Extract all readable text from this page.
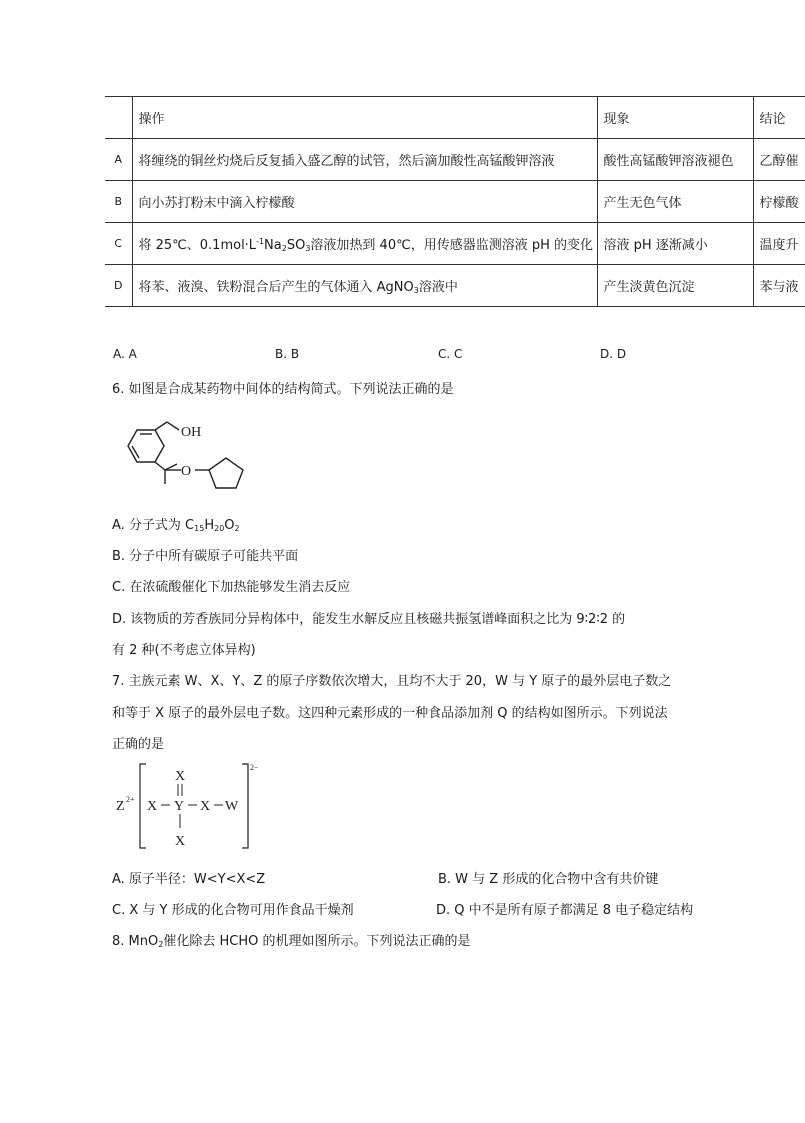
	操作	现象	结论
A	将缠绕的铜丝灼烧后反复插入盛乙醇的试管，然后滴加酸性高锰酸钾溶液	酸性高锰酸钾溶液褪色	乙醇催
B	向小苏打粉末中滴入柠檬酸	产生无色气体	柠檬酸
C	将 25℃、$0.1mol\cdot L^{-1}Na_2SO_3$溶液加热到 40℃，用传感器监测溶液 pH 的变化	溶液 pH 逐渐减小	温度升
D	将苯、液溴、铁粉混合后产生的气体通入 AgNO$_3$溶液中	产生淡黄色沉淀	苯与液
A. A	B. B	C. C	D. D
6. 如图是合成某药物中间体的结构简式。下列说法正确的是
OH
O
A. 分子式为 $C_{15}H_{20}O_2$
B. 分子中所有碳原子可能共平面
C. 在浓硫酸催化下加热能够发生消去反应
D. 该物质的芳香族同分异构体中，能发生水解反应且核磁共振氢谱峰面积之比为 9∶2∶2 的
有 2 种(不考虑立体异构)
7. 主族元素 W、X、Y、Z 的原子序数依次增大，且均不大于 20，W 与 Y 原子的最外层电子数之
和等于 X 原子的最外层电子数。这四种元素形成的一种食品添加剂 Q 的结构如图所示。下列说法
正确的是
Z 2+
2−
X
X Y X W
X
A. 原子半径：W<Y<X<Z	B. W 与 Z 形成的化合物中含有共价键
C. X 与 Y 形成的化合物可用作食品干燥剂	D. Q 中不是所有原子都满足 8 电子稳定结构
8. MnO$_2$催化除去 HCHO 的机理如图所示。下列说法正确的是
